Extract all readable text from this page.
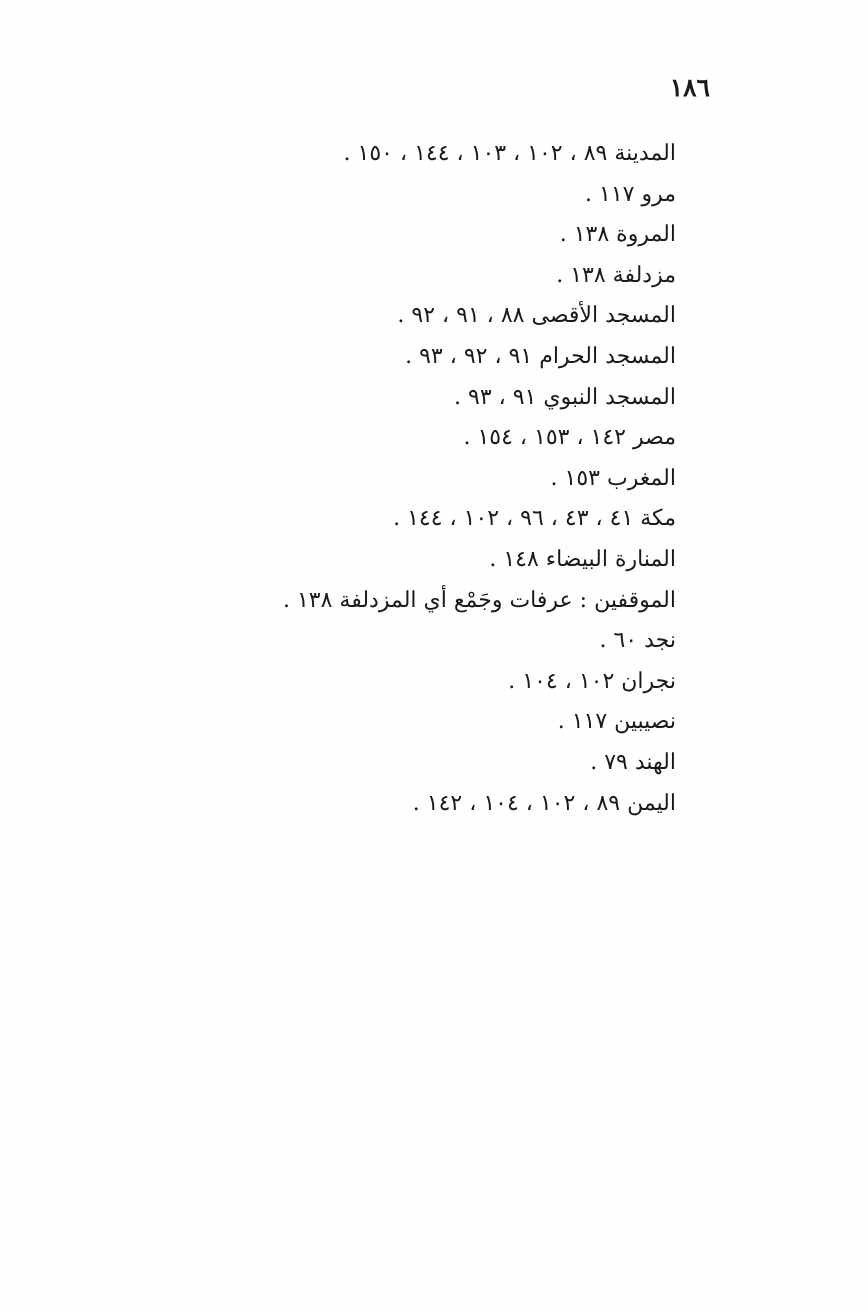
١٨٦
المدينة ٨٩ ، ١٠٢ ، ١٠٣ ، ١٤٤ ، ١٥٠ .
مرو ١١٧ .
المروة ١٣٨ .
مزدلفة ١٣٨ .
المسجد الأقصى ٨٨ ، ٩١ ، ٩٢ .
المسجد الحرام ٩١ ، ٩٢ ، ٩٣ .
المسجد النبوي ٩١ ، ٩٣ .
مصر ١٤٢ ، ١٥٣ ، ١٥٤ .
المغرب ١٥٣ .
مكة ٤١ ، ٤٣ ، ٩٦ ، ١٠٢ ، ١٤٤ .
المنارة البيضاء ١٤٨ .
الموقفين : عرفات وجَمْع أي المزدلفة ١٣٨ .
نجد ٦٠ .
نجران ١٠٢ ، ١٠٤ .
نصيبين ١١٧ .
الهند ٧٩ .
اليمن ٨٩ ، ١٠٢ ، ١٠٤ ، ١٤٢ .
